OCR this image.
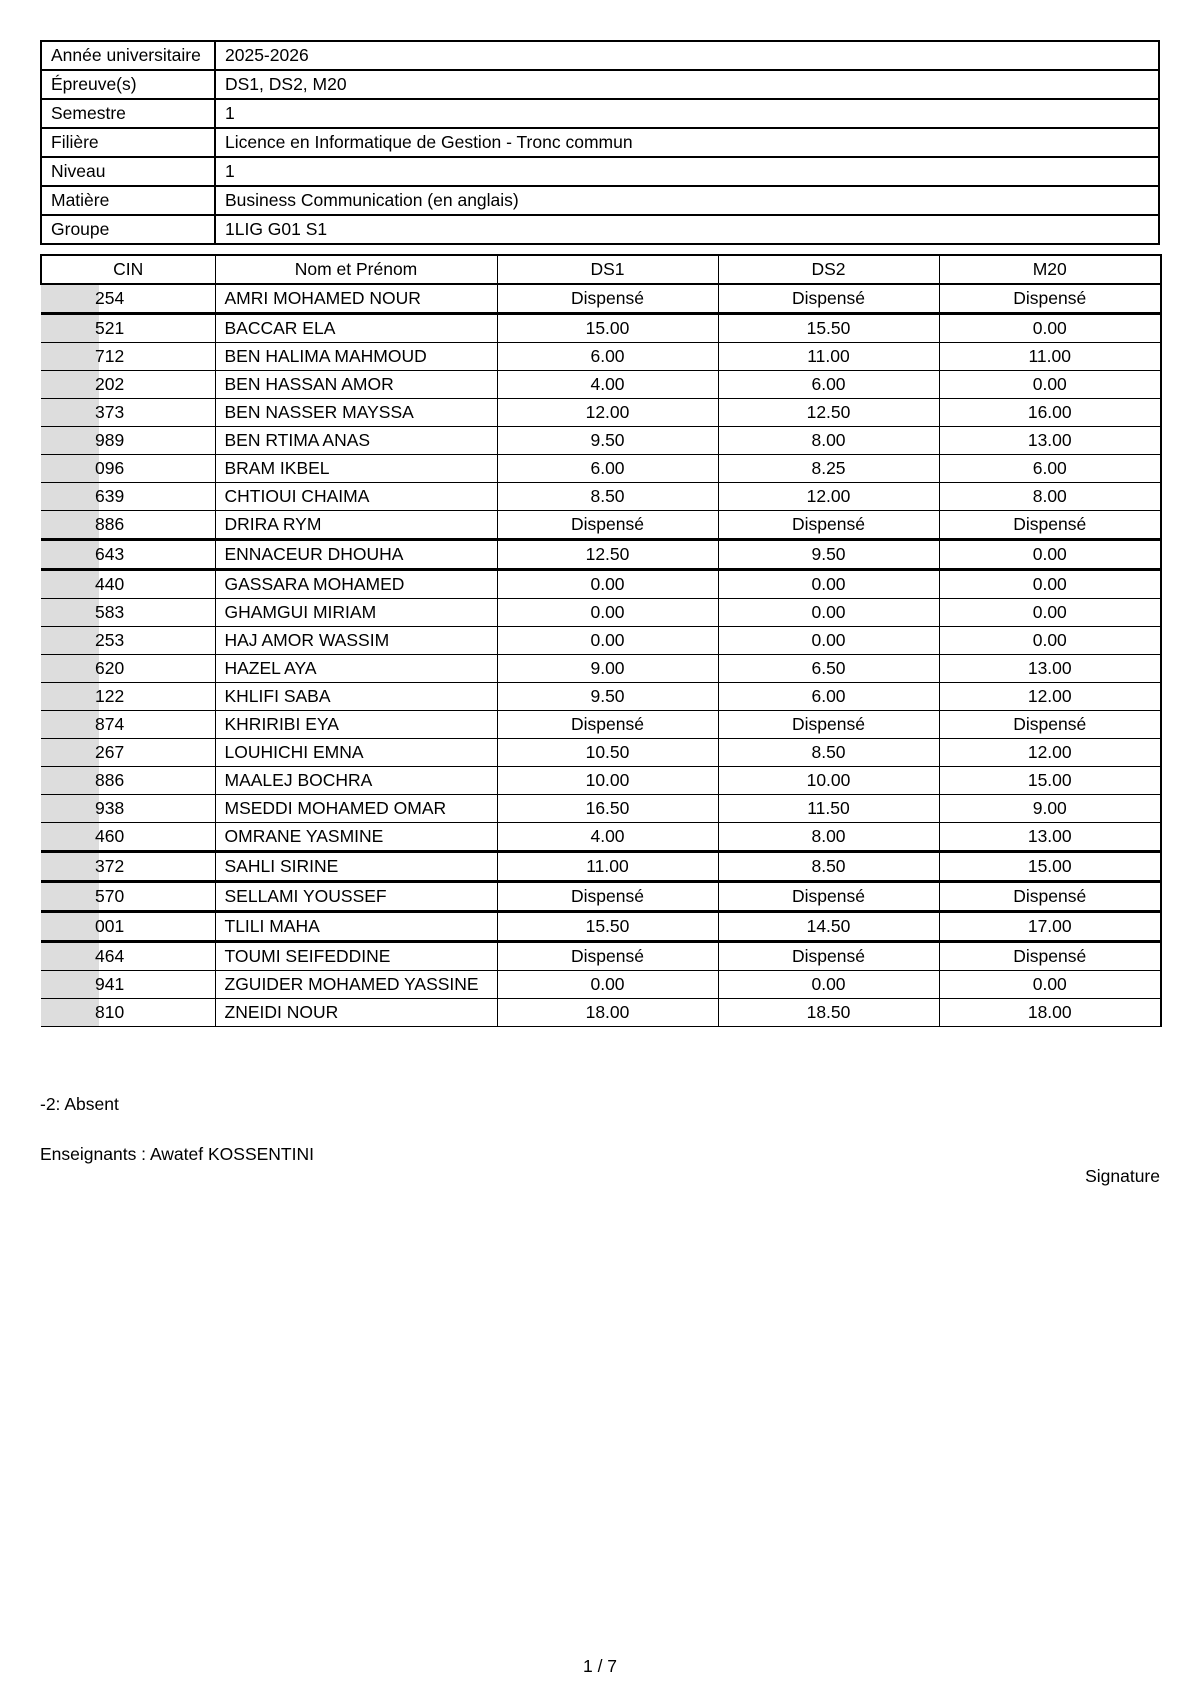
Année universitaire	2025-2026
Épreuve(s)	DS1, DS2, M20
Semestre	1
Filière	Licence en Informatique de Gestion - Tronc commun
Niveau	1
Matière	Business Communication (en anglais)
Groupe	1LIG G01 S1
CIN	Nom et Prénom	DS1	DS2	M20

254	AMRI MOHAMED NOUR	Dispensé	Dispensé	Dispensé

521	BACCAR ELA	15.00	15.50	0.00

712	BEN HALIMA MAHMOUD	6.00	11.00	11.00

202	BEN HASSAN AMOR	4.00	6.00	0.00

373	BEN NASSER MAYSSA	12.00	12.50	16.00

989	BEN RTIMA ANAS	9.50	8.00	13.00

096	BRAM IKBEL	6.00	8.25	6.00

639	CHTIOUI CHAIMA	8.50	12.00	8.00

886	DRIRA RYM	Dispensé	Dispensé	Dispensé

643	ENNACEUR DHOUHA	12.50	9.50	0.00

440	GASSARA MOHAMED	0.00	0.00	0.00

583	GHAMGUI MIRIAM	0.00	0.00	0.00

253	HAJ AMOR WASSIM	0.00	0.00	0.00

620	HAZEL AYA	9.00	6.50	13.00

122	KHLIFI SABA	9.50	6.00	12.00

874	KHRIRIBI EYA	Dispensé	Dispensé	Dispensé

267	LOUHICHI EMNA	10.50	8.50	12.00

886	MAALEJ BOCHRA	10.00	10.00	15.00

938	MSEDDI MOHAMED OMAR	16.50	11.50	9.00

460	OMRANE YASMINE	4.00	8.00	13.00

372	SAHLI SIRINE	11.00	8.50	15.00

570	SELLAMI YOUSSEF	Dispensé	Dispensé	Dispensé

001	TLILI MAHA	15.50	14.50	17.00

464	TOUMI SEIFEDDINE	Dispensé	Dispensé	Dispensé

941	ZGUIDER MOHAMED YASSINE	0.00	0.00	0.00

810	ZNEIDI NOUR	18.00	18.50	18.00
-2: Absent
Enseignants : Awatef KOSSENTINI
Signature
1 / 7
